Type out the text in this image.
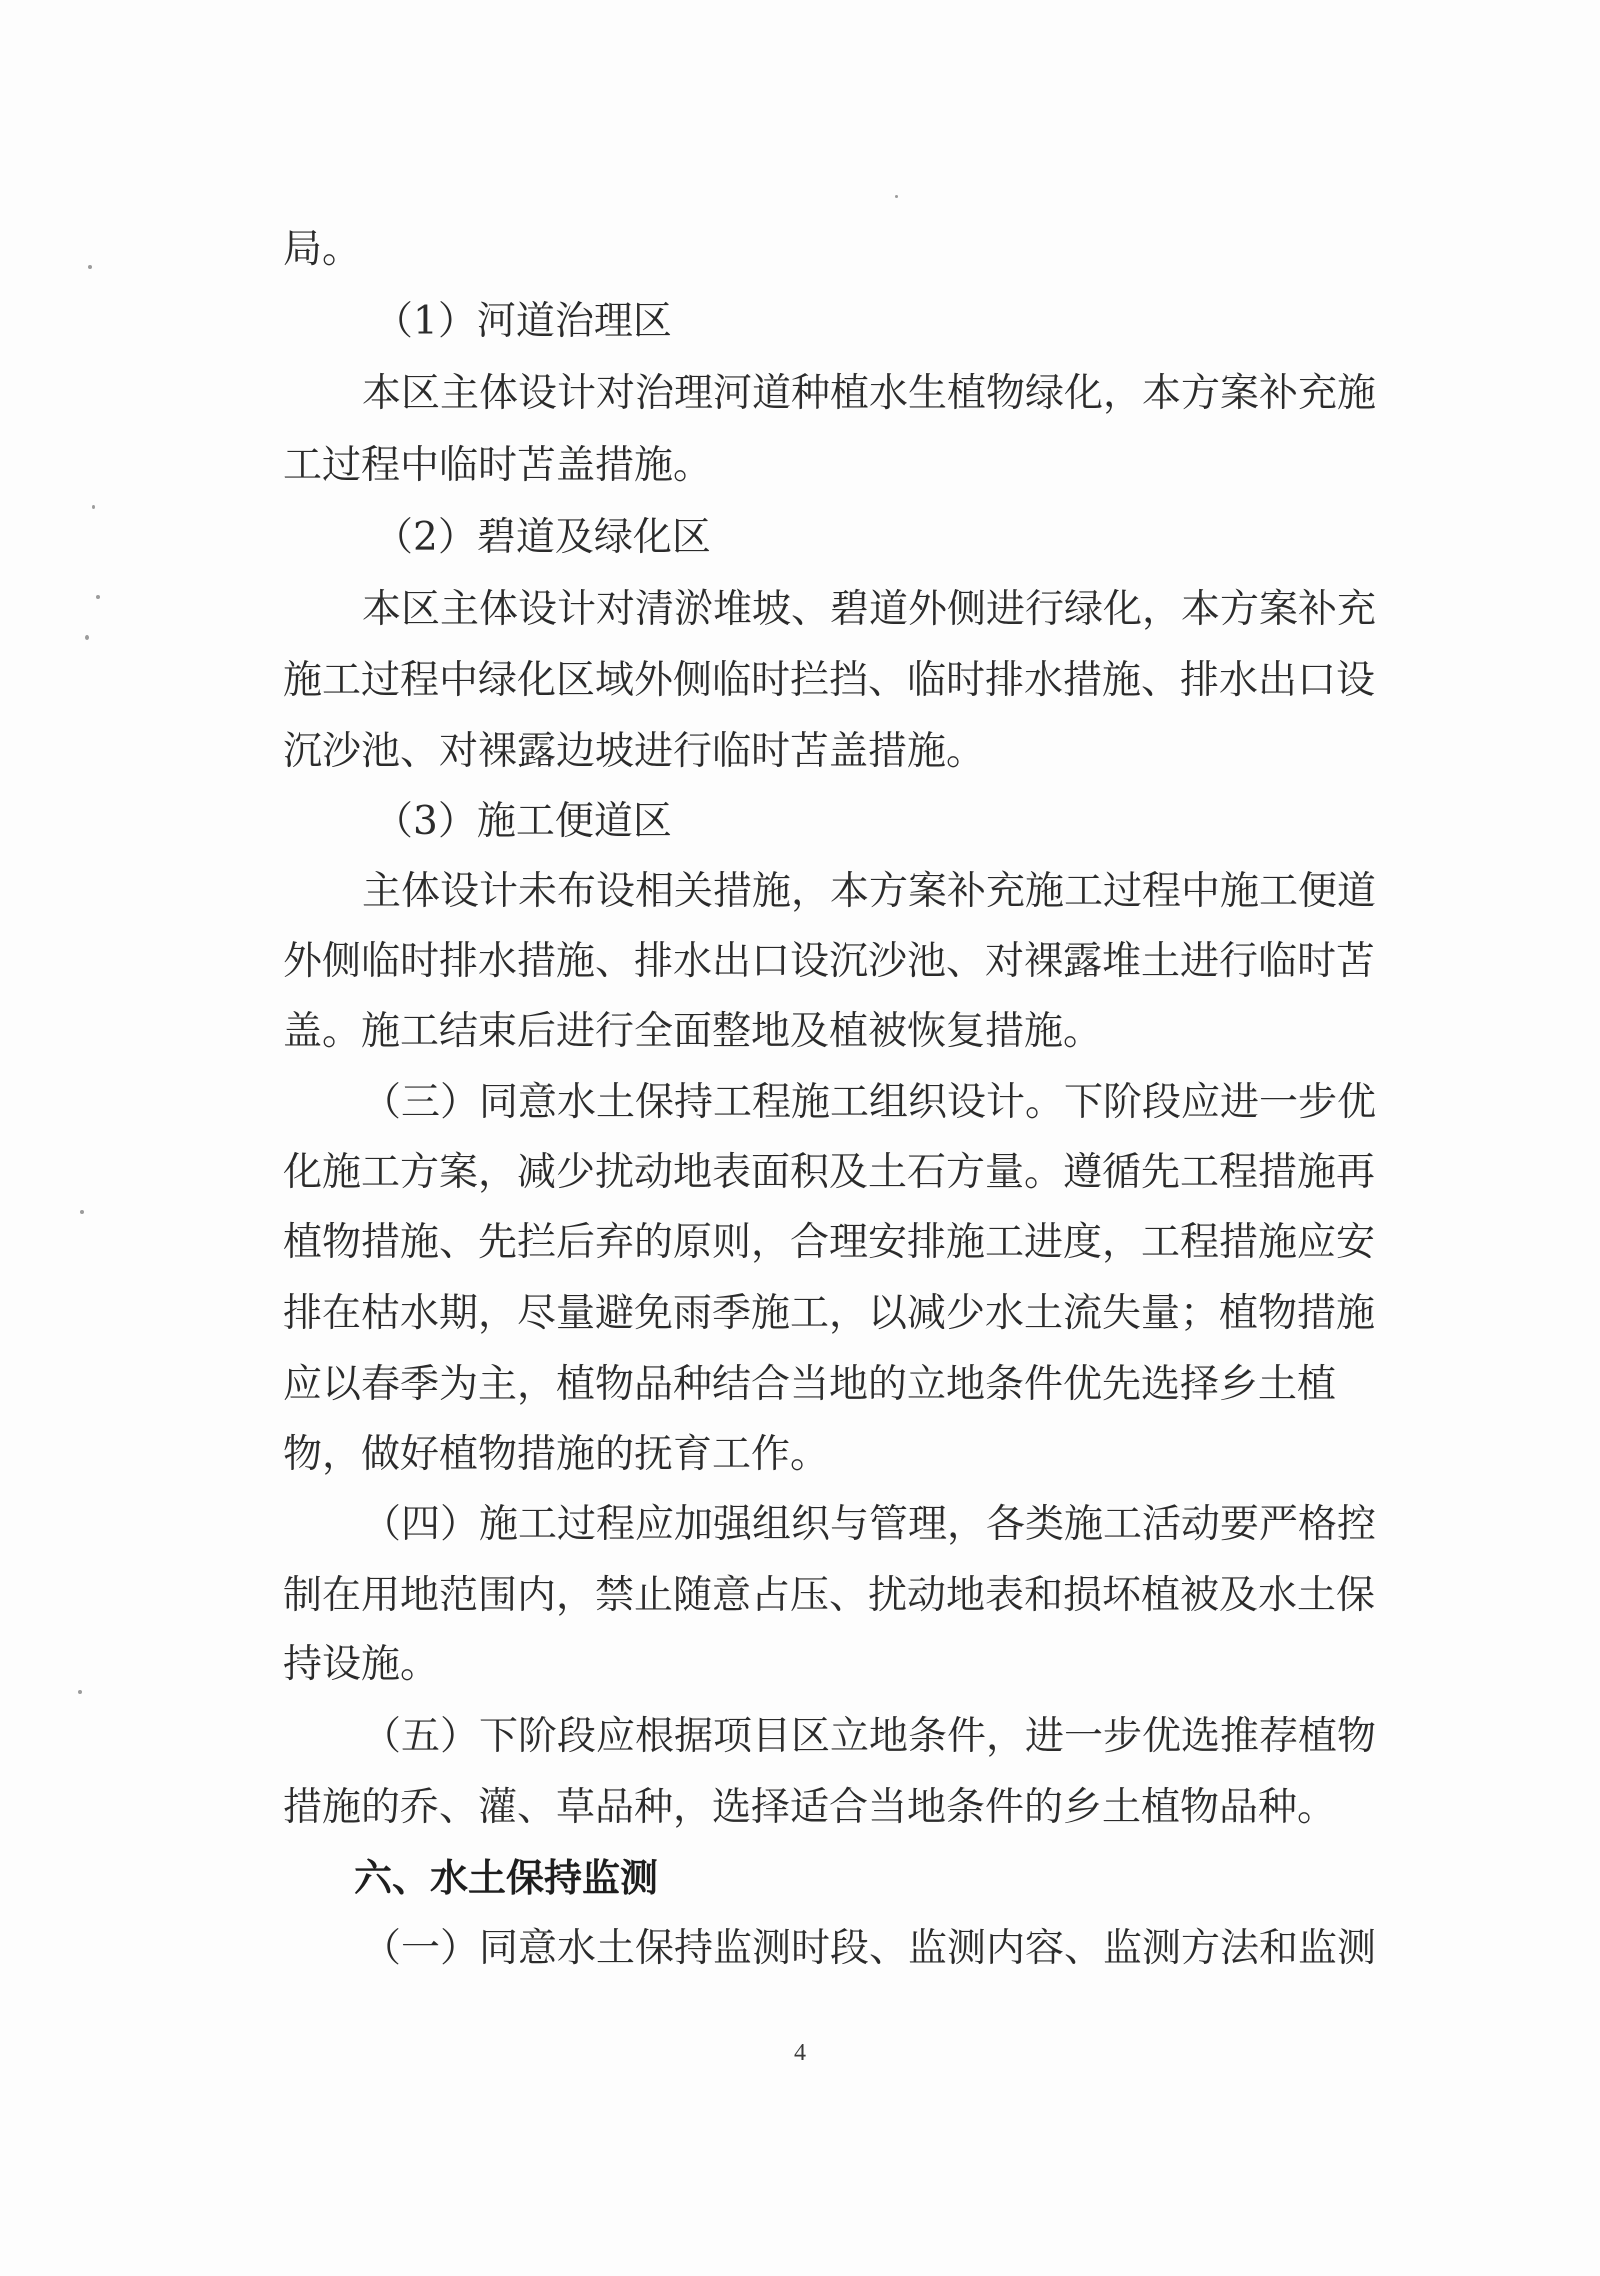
局。
（1）河道治理区
本区主体设计对治理河道种植水生植物绿化，本方案补充施
工过程中临时苫盖措施。
（2）碧道及绿化区
本区主体设计对清淤堆坡、碧道外侧进行绿化，本方案补充
施工过程中绿化区域外侧临时拦挡、临时排水措施、排水出口设
沉沙池、对裸露边坡进行临时苫盖措施。
（3）施工便道区
主体设计未布设相关措施，本方案补充施工过程中施工便道
外侧临时排水措施、排水出口设沉沙池、对裸露堆土进行临时苫
盖。施工结束后进行全面整地及植被恢复措施。
（三）同意水土保持工程施工组织设计。下阶段应进一步优
化施工方案，减少扰动地表面积及土石方量。遵循先工程措施再
植物措施、先拦后弃的原则，合理安排施工进度，工程措施应安
排在枯水期，尽量避免雨季施工，以减少水土流失量；植物措施
应以春季为主，植物品种结合当地的立地条件优先选择乡土植
物，做好植物措施的抚育工作。
（四）施工过程应加强组织与管理，各类施工活动要严格控
制在用地范围内，禁止随意占压、扰动地表和损坏植被及水土保
持设施。
（五）下阶段应根据项目区立地条件，进一步优选推荐植物
措施的乔、灌、草品种，选择适合当地条件的乡土植物品种。
六、水土保持监测
（一）同意水土保持监测时段、监测内容、监测方法和监测
4
